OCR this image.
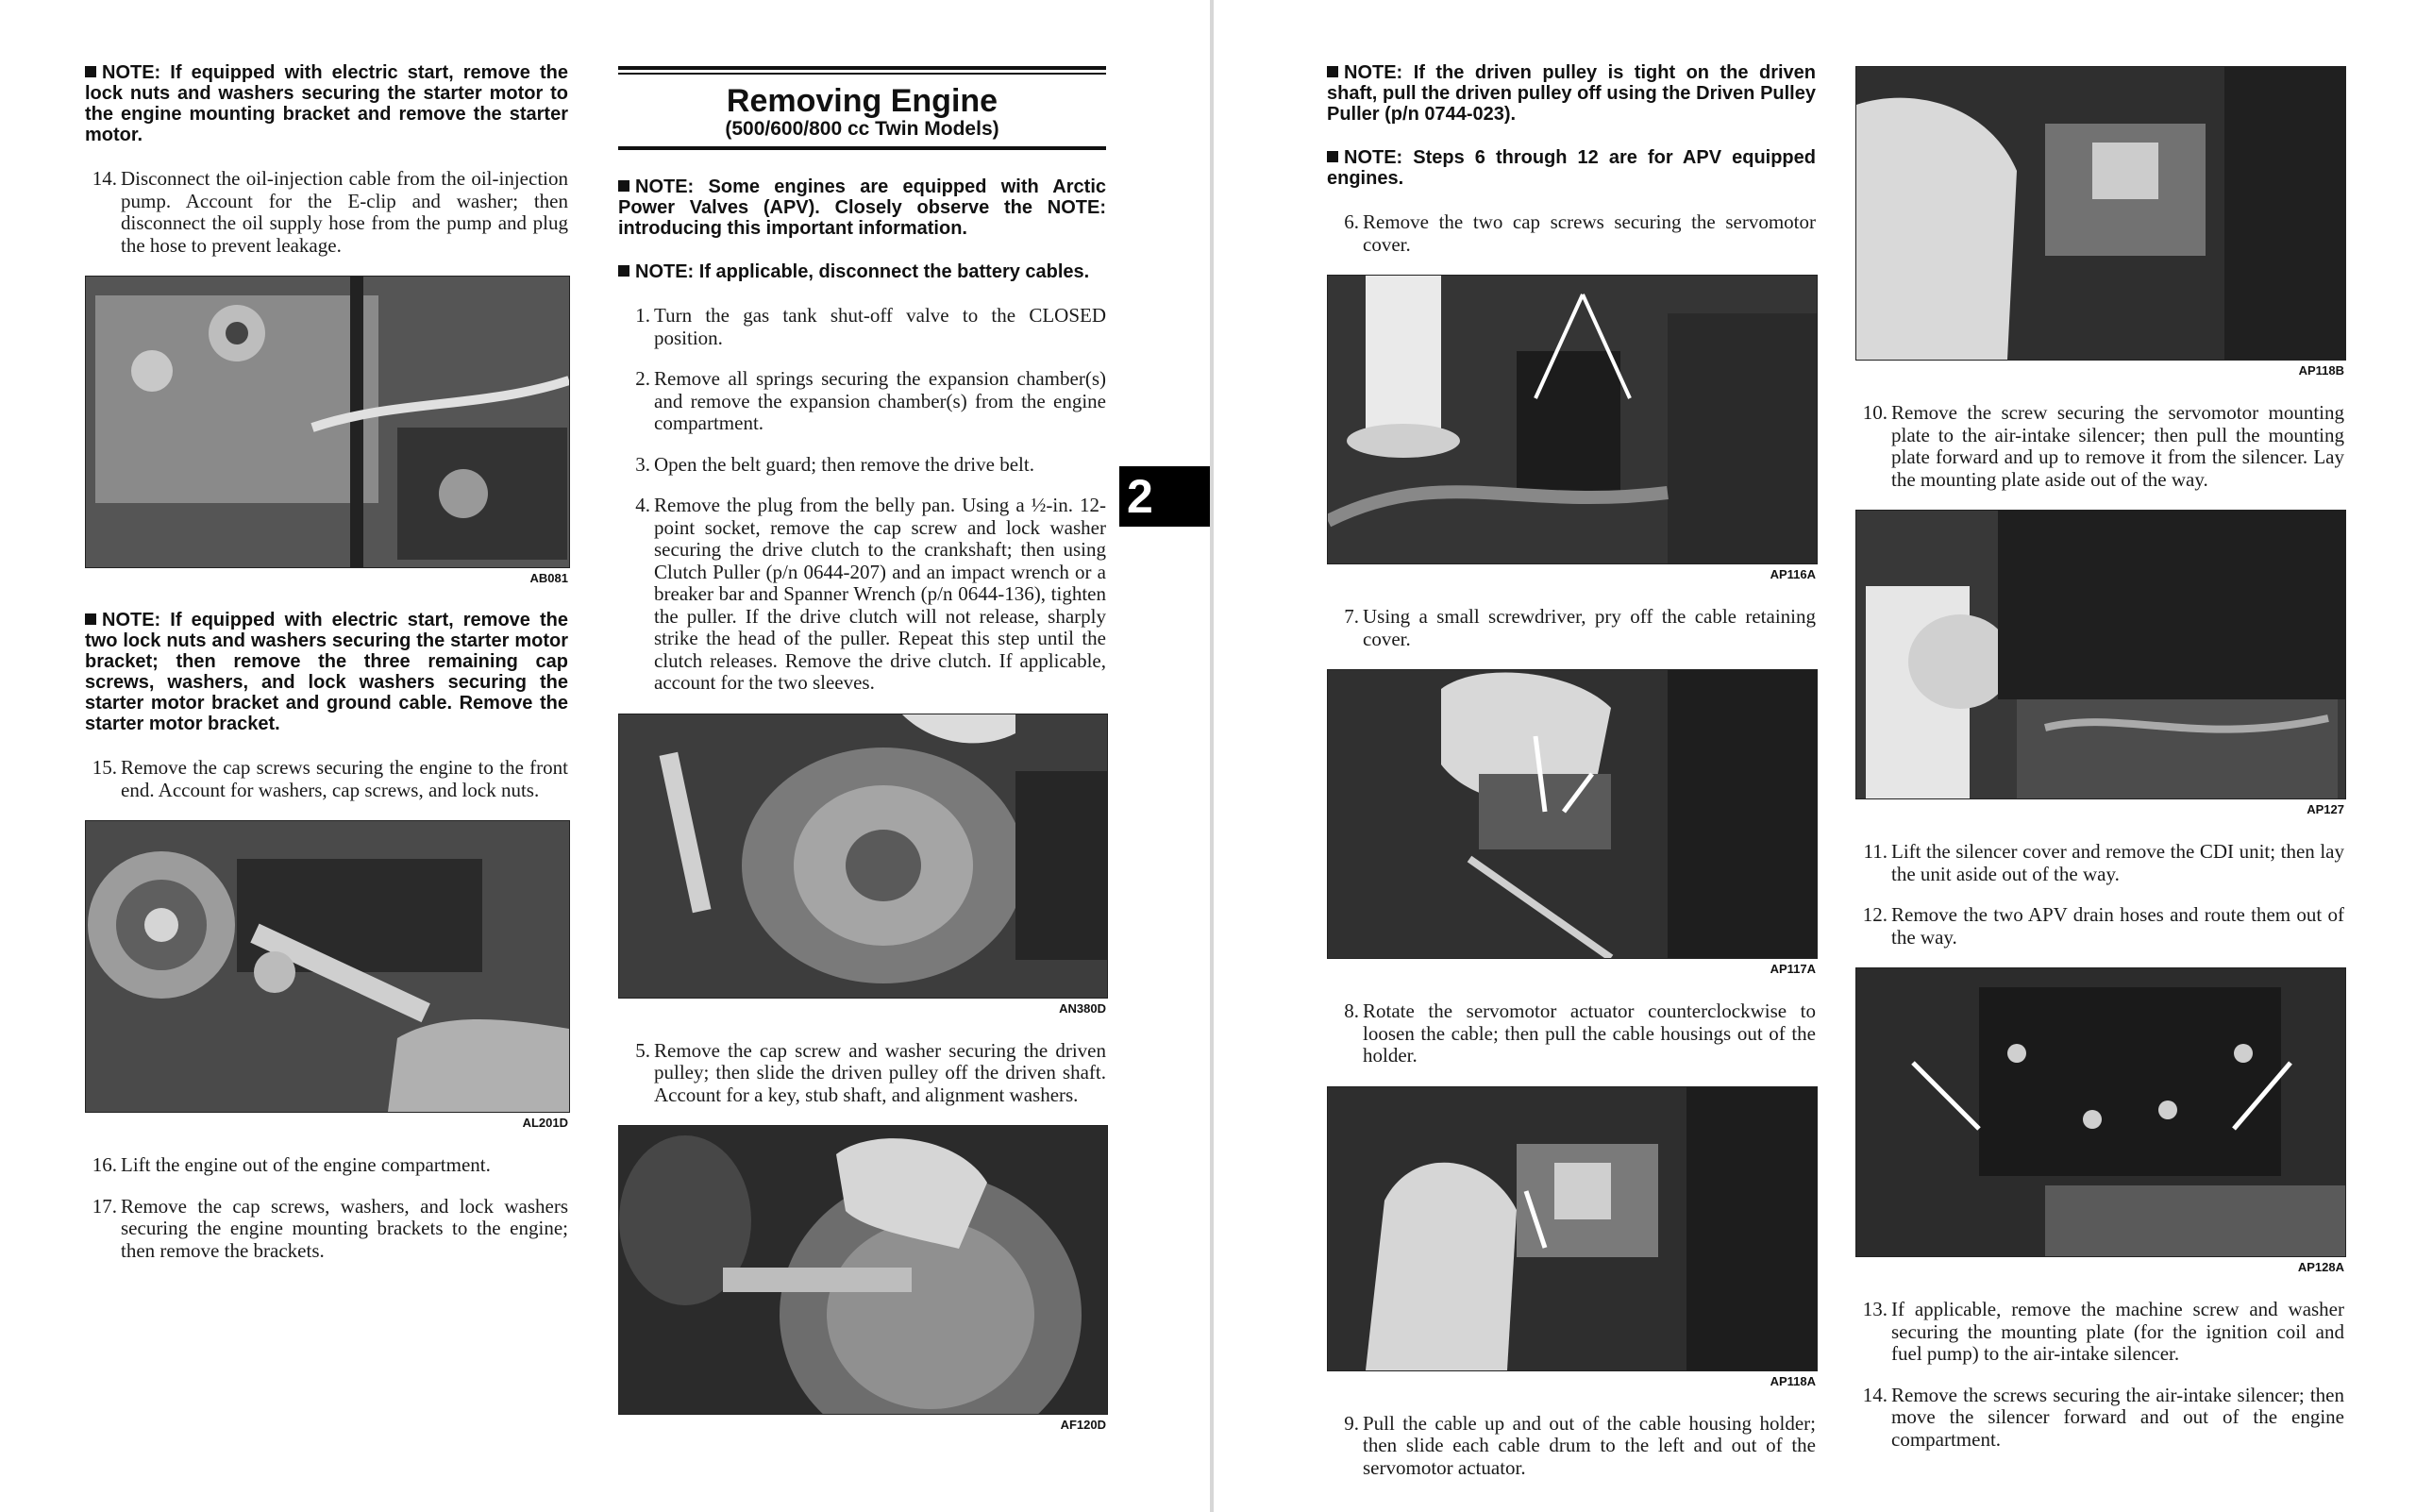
NOTE: If equipped with electric start, remove the lock nuts and washers securing the starter motor to the engine mounting bracket and remove the starter motor.

14. Disconnect the oil-injection cable from the oil-injection pump. Account for the E-clip and washer; then disconnect the oil supply hose from the pump and plug the hose to prevent leakage.
AB081

NOTE: If equipped with electric start, remove the two lock nuts and washers securing the starter motor bracket; then remove the three remaining cap screws, washers, and lock washers securing the starter motor bracket and ground cable. Remove the starter motor bracket.

15. Remove the cap screws securing the engine to the front end. Account for washers, cap screws, and lock nuts.
AL201D
16. Lift the engine out of the engine compartment.
17. Remove the cap screws, washers, and lock washers securing the engine mounting brackets to the engine; then remove the brackets.
Removing Engine
(500/600/800 cc Twin Models)

NOTE: Some engines are equipped with Arctic Power Valves (APV). Closely observe the NOTE: introducing this important information.

NOTE: If applicable, disconnect the battery cables.

1. Turn the gas tank shut-off valve to the CLOSED position.
2. Remove all springs securing the expansion chamber(s) and remove the expansion chamber(s) from the engine compartment.
3. Open the belt guard; then remove the drive belt.
4. Remove the plug from the belly pan. Using a ½-in. 12-point socket, remove the cap screw and lock washer securing the drive clutch to the crankshaft; then using Clutch Puller (p/n 0644-207) and an impact wrench or a breaker bar and Spanner Wrench (p/n 0644-136), tighten the puller. If the drive clutch will not release, sharply strike the head of the puller. Repeat this step until the clutch releases. Remove the drive clutch. If applicable, account for the two sleeves.
AN380D
5. Remove the cap screw and washer securing the driven pulley; then slide the driven pulley off the driven shaft. Account for a key, stub shaft, and alignment washers.
AF120D
2

NOTE: If the driven pulley is tight on the driven shaft, pull the driven pulley off using the Driven Pulley Puller (p/n 0744-023).

NOTE: Steps 6 through 12 are for APV equipped engines.

6. Remove the two cap screws securing the servomotor cover.
AP116A
7. Using a small screwdriver, pry off the cable retaining cover.
AP117A
8. Rotate the servomotor actuator counterclockwise to loosen the cable; then pull the cable housings out of the holder.
AP118A
9. Pull the cable up and out of the cable housing holder; then slide each cable drum to the left and out of the servomotor actuator.
AP118B
10. Remove the screw securing the servomotor mounting plate to the air-intake silencer; then pull the mounting plate forward and up to remove it from the silencer. Lay the mounting plate aside out of the way.
AP127
11. Lift the silencer cover and remove the CDI unit; then lay the unit aside out of the way.
12. Remove the two APV drain hoses and route them out of the way.
AP128A
13. If applicable, remove the machine screw and washer securing the mounting plate (for the ignition coil and fuel pump) to the air-intake silencer.
14. Remove the screws securing the air-intake silencer; then move the silencer forward and out of the engine compartment.
